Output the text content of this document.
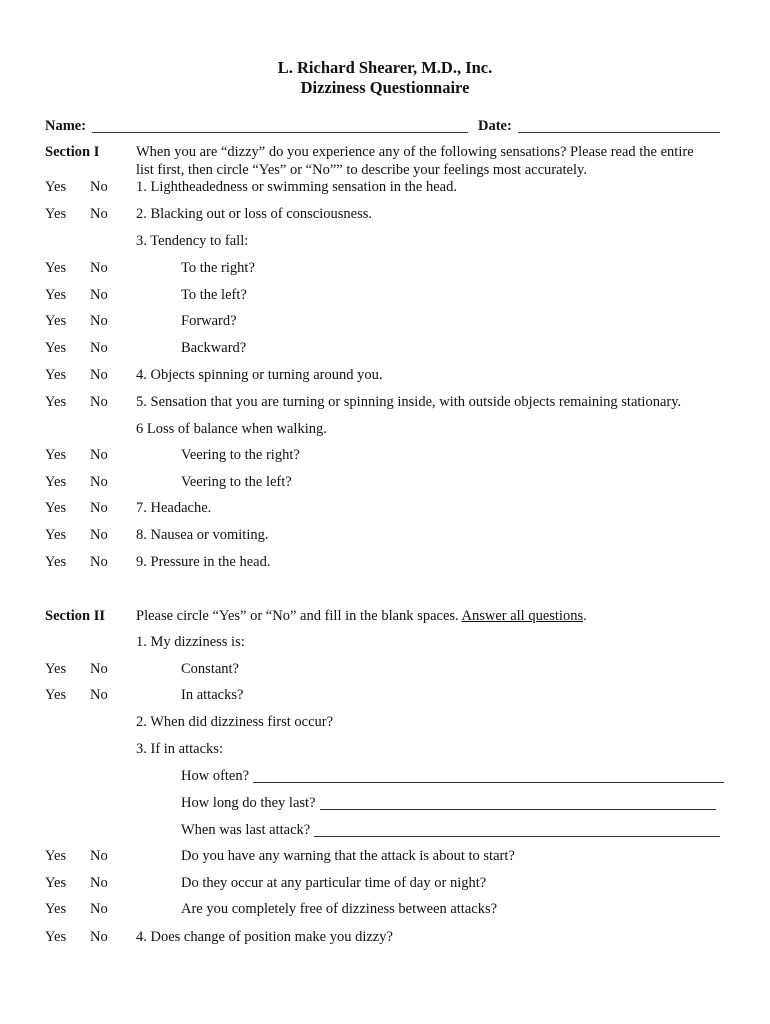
L. Richard Shearer, M.D., Inc.
Dizziness Questionnaire
Name:	Date:
Section I	When you are “dizzy” do you experience any of the following sensations? Please read the entire
list first, then circle “Yes” or “No”” to describe your feelings most accurately.
Section II Please circle “Yes” or “No” and fill in the blank spaces. Answer all questions.
Yes No 1. Lightheadedness or swimming sensation in the head.
Yes No 2. Blacking out or loss of consciousness.
3. Tendency to fall:
Yes No	To the right?
Yes No	To the left?
Yes No	Forward?
Yes No	Backward?
Yes No 4. Objects spinning or turning around you.
Yes No 5. Sensation that you are turning or spinning inside, with outside objects remaining stationary.
6 Loss of balance when walking.
Yes No	Veering to the right?
Yes No	Veering to the left?
Yes No 7. Headache.
Yes No 8. Nausea or vomiting.
Yes No 9. Pressure in the head.
1. My dizziness is:
Yes No	Constant?
Yes No	In attacks?
2. When did dizziness first occur?
3. If in attacks:
How often?
How long do they last?
When was last attack?
Yes No	Do you have any warning that the attack is about to start?
Yes No	Do they occur at any particular time of day or night?
Yes No	Are you completely free of dizziness between attacks?
Yes No 4. Does change of position make you dizzy?
